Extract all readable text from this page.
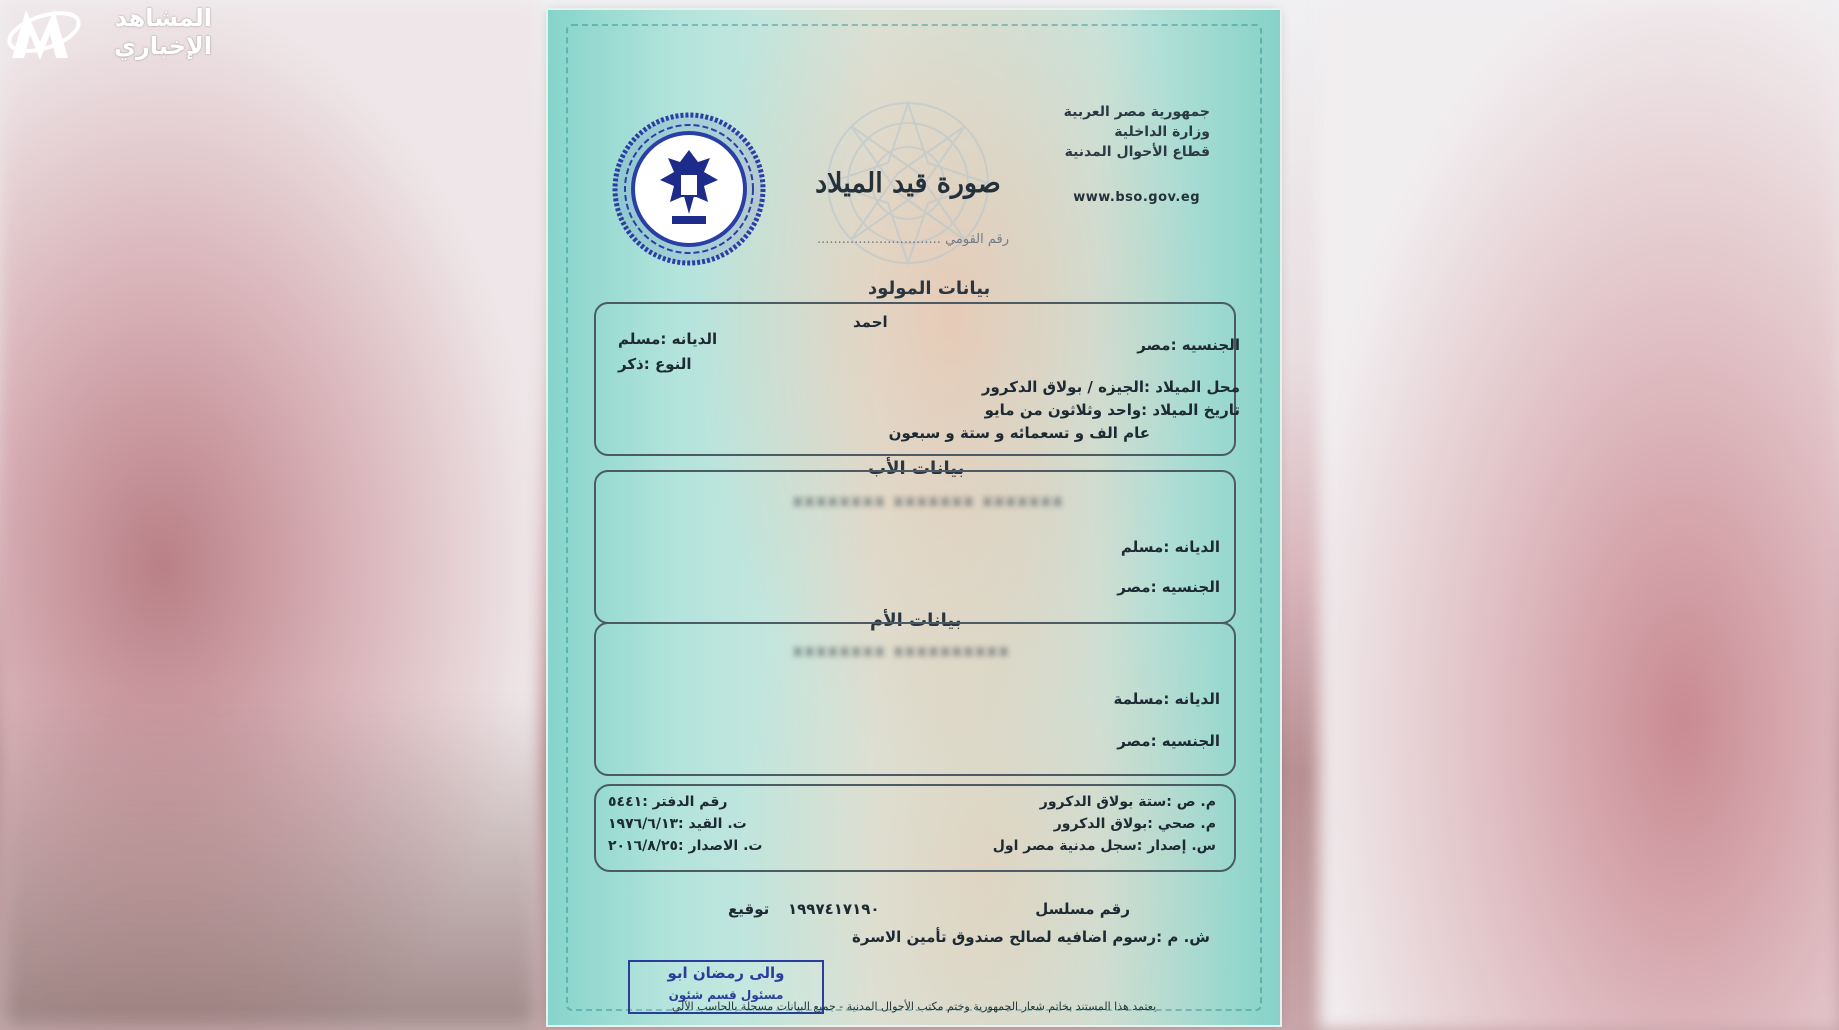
المشاهد الإخباري
جمهورية مصر العربية
وزارة الداخلية
قطاع الأحوال المدنية
www.bso.gov.eg
صورة قيد الميلاد
رقم القومي ..............................
بيانات المولود
احمد
الجنسيه :مصر
الديانه :مسلم
النوع :ذكر
محل الميلاد :الجيزه / بولاق الدكرور
تاريخ الميلاد :واحد وثلاثون من مايو
عام الف و تسعمائه و ستة و سبعون
بيانات الأب
xxxxxxxx xxxxxxx xxxxxxx
الديانه :مسلم
الجنسيه :مصر
بيانات الأم
xxxxxxxx xxxxxxxxxx
الديانه :مسلمة
الجنسيه :مصر
م. ص :ستة بولاق الدكرور
م. صحي :بولاق الدكرور
س. إصدار :سجل مدنية مصر اول
رقم الدفتر :٥٤٤١
ت. القيد :١٩٧٦/٦/١٣
ت. الاصدار :٢٠١٦/٨/٢٥
رقم مسلسل
١٩٩٧٤١٧١٩٠
توقيع
ش. م :رسوم اضافيه لصالح صندوق تأمين الاسرة
والى رمضان ابو
مسئول قسم شئون
يعتمد هذا المستند بخاتم شعار الجمهورية وختم مكتب الأحوال المدنية - جميع البيانات مسجلة بالحاسب الآلي
